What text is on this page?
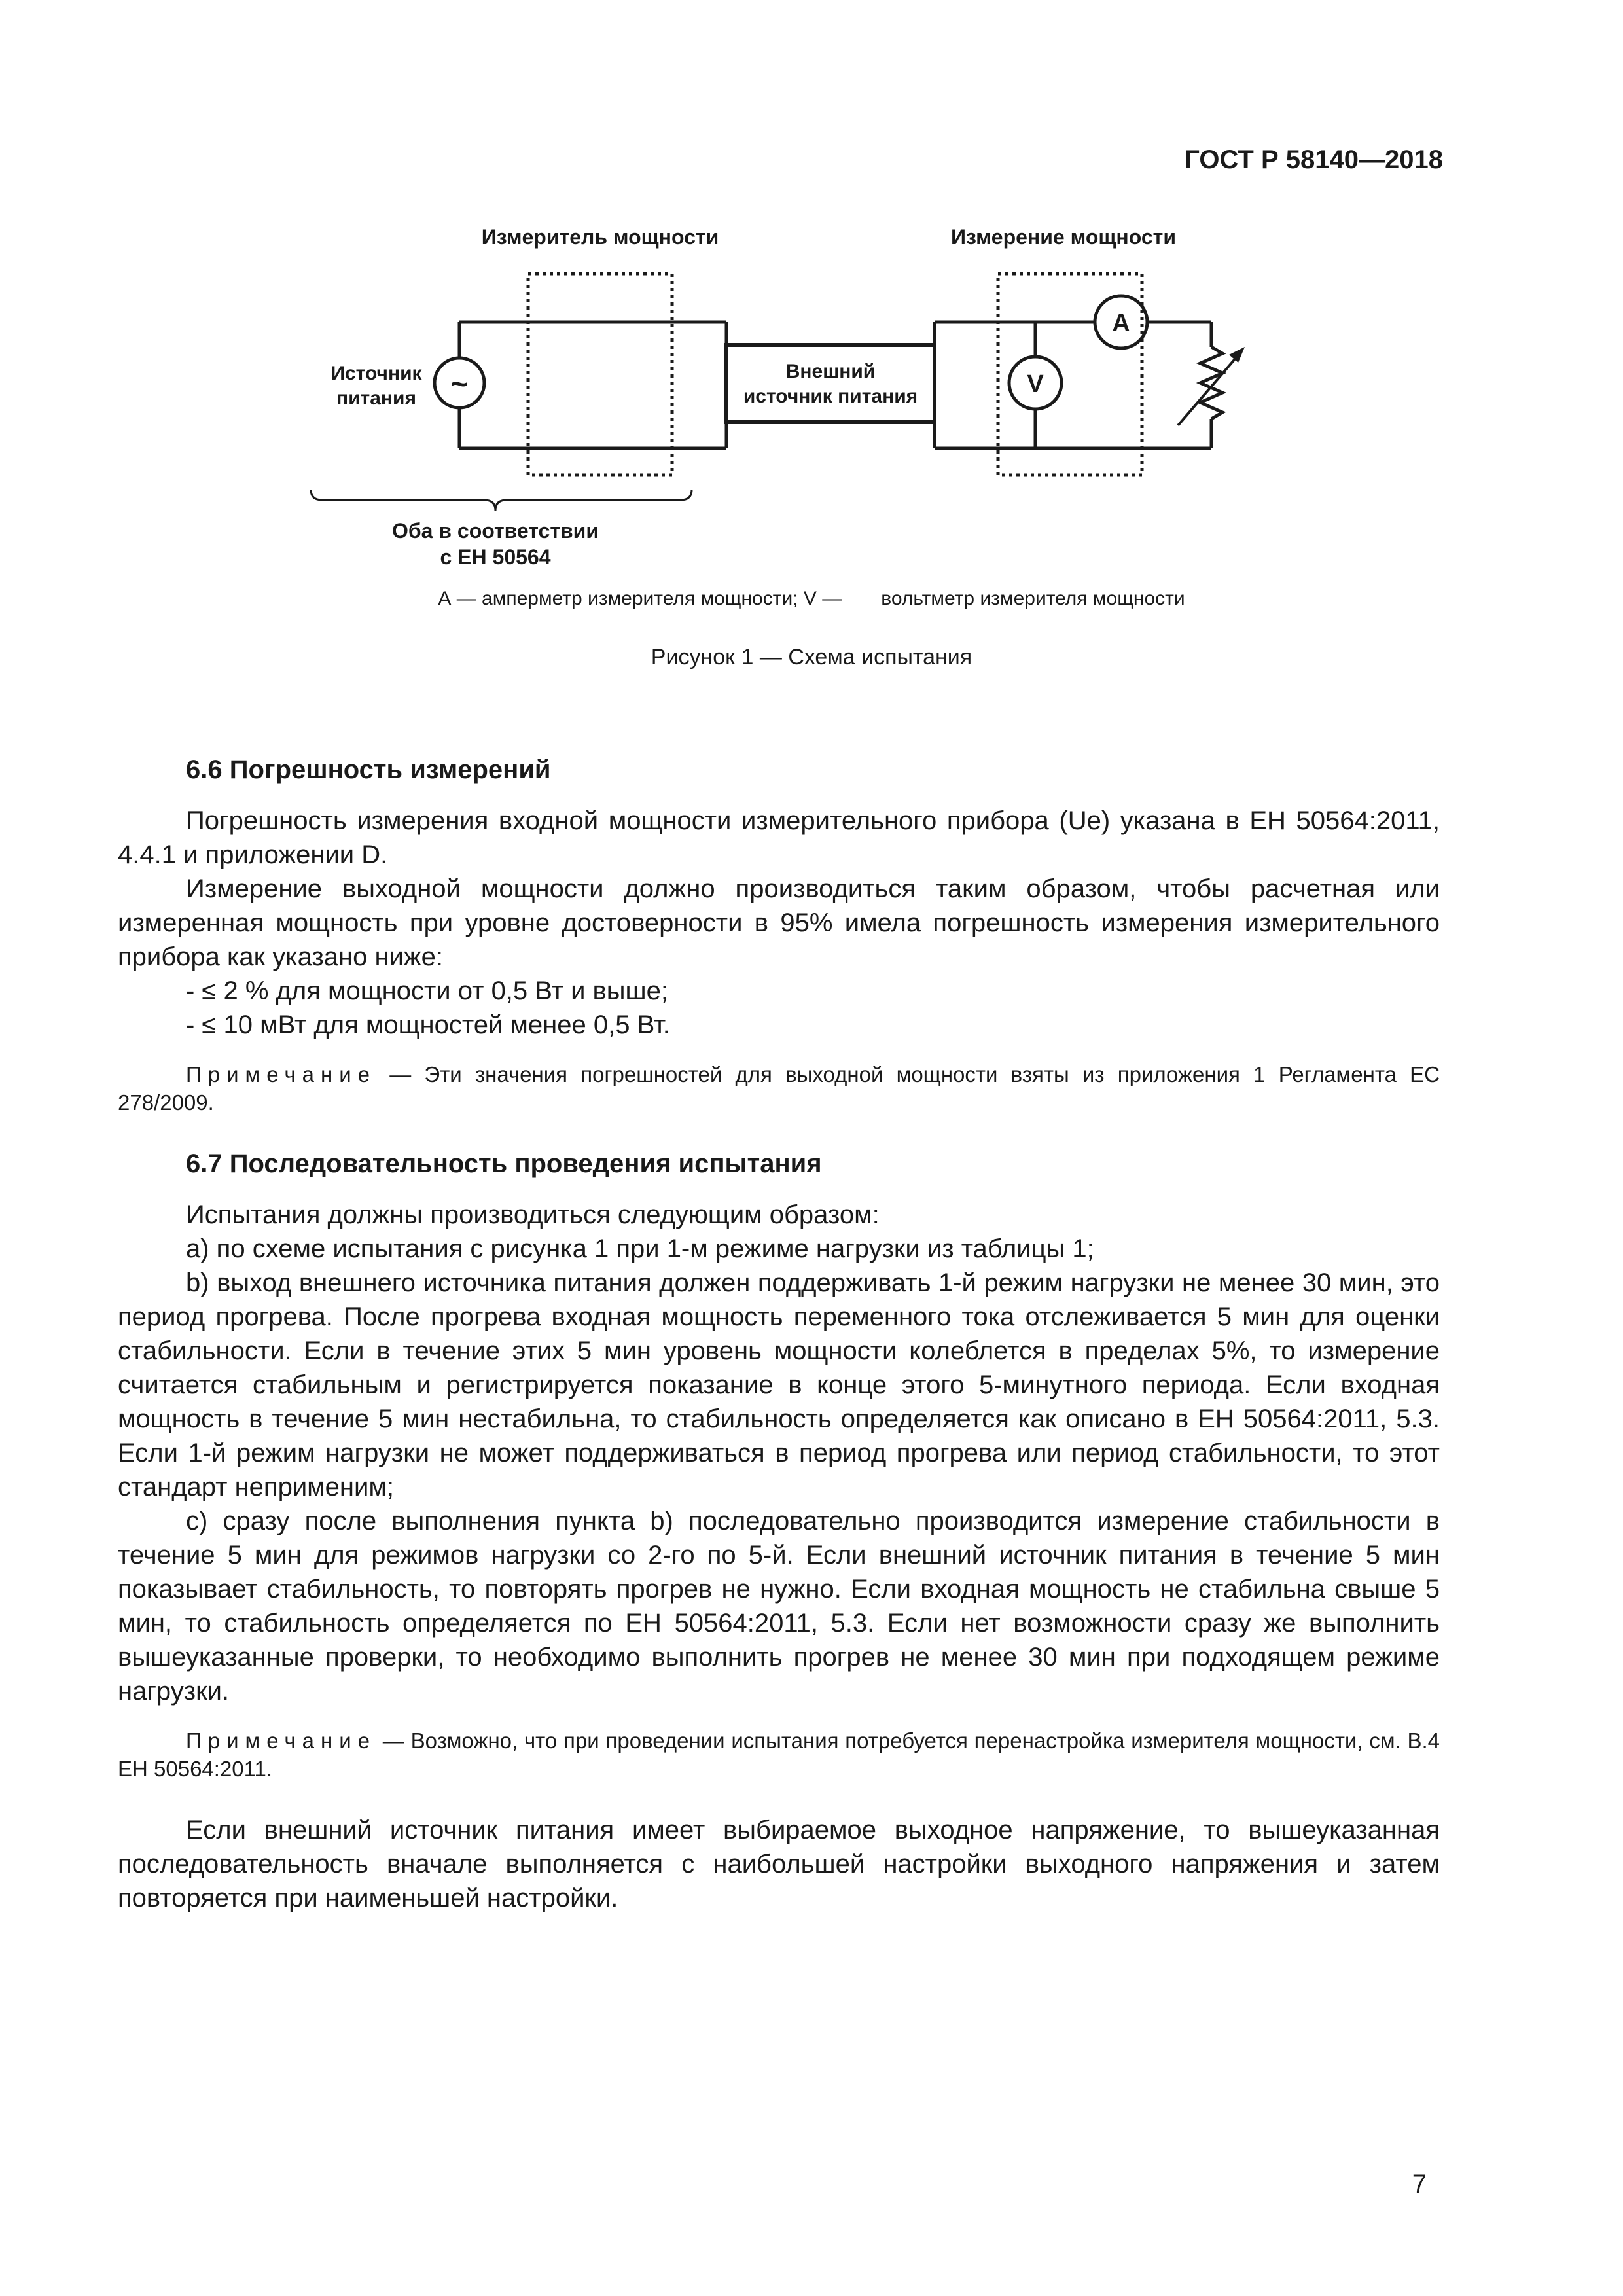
ГОСТ Р 58140—2018
Измеритель мощности	Измерение мощности
~
Источник
питания
Внешний
источник питания
A
V
Оба в соответствии
с ЕН 50564
А — амперметр измерителя мощности; V — вольтметр измерителя мощности
Рисунок 1 — Схема испытания
6.6 Погрешность измерений

Погрешность измерения входной мощности измерительного прибора (Ue) указана в ЕН 50564:2011, 4.4.1 и приложении D.

Измерение выходной мощности должно производиться таким образом, чтобы расчетная или измеренная мощность при уровне достоверности в 95% имела погрешность измерения измерительного прибора как указано ниже:

- ≤ 2 % для мощности от 0,5 Вт и выше;

- ≤ 10 мВт для мощностей менее 0,5 Вт.

Примечание — Эти значения погрешностей для выходной мощности взяты из приложения 1 Регламента ЕС 278/2009.

6.7 Последовательность проведения испытания

Испытания должны производиться следующим образом:

а) по схеме испытания с рисунка 1 при 1-м режиме нагрузки из таблицы 1;

b) выход внешнего источника питания должен поддерживать 1-й режим нагрузки не менее 30 мин, это период прогрева. После прогрева входная мощность переменного тока отслеживается 5 мин для оценки стабильности. Если в течение этих 5 мин уровень мощности колеблется в пределах 5%, то измерение считается стабильным и регистрируется показание в конце этого 5-минутного периода. Если входная мощность в течение 5 мин нестабильна, то стабильность определяется как описано в ЕН 50564:2011, 5.3. Если 1-й режим нагрузки не может поддерживаться в период прогрева или период стабильности, то этот стандарт неприменим;

с) сразу после выполнения пункта b) последовательно производится измерение стабильности в течение 5 мин для режимов нагрузки со 2-го по 5-й. Если внешний источник питания в течение 5 мин показывает стабильность, то повторять прогрев не нужно. Если входная мощность не стабильна свыше 5 мин, то стабильность определяется по ЕН 50564:2011, 5.3. Если нет возможности сразу же выполнить вышеуказанные проверки, то необходимо выполнить прогрев не менее 30 мин при подходящем режиме нагрузки.

Примечание — Возможно, что при проведении испытания потребуется перенастройка измерителя мощности, см. В.4 ЕН 50564:2011.

Если внешний источник питания имеет выбираемое выходное напряжение, то вышеуказанная последовательность вначале выполняется с наибольшей настройки выходного напряжения и затем повторяется при наименьшей настройки.

7
